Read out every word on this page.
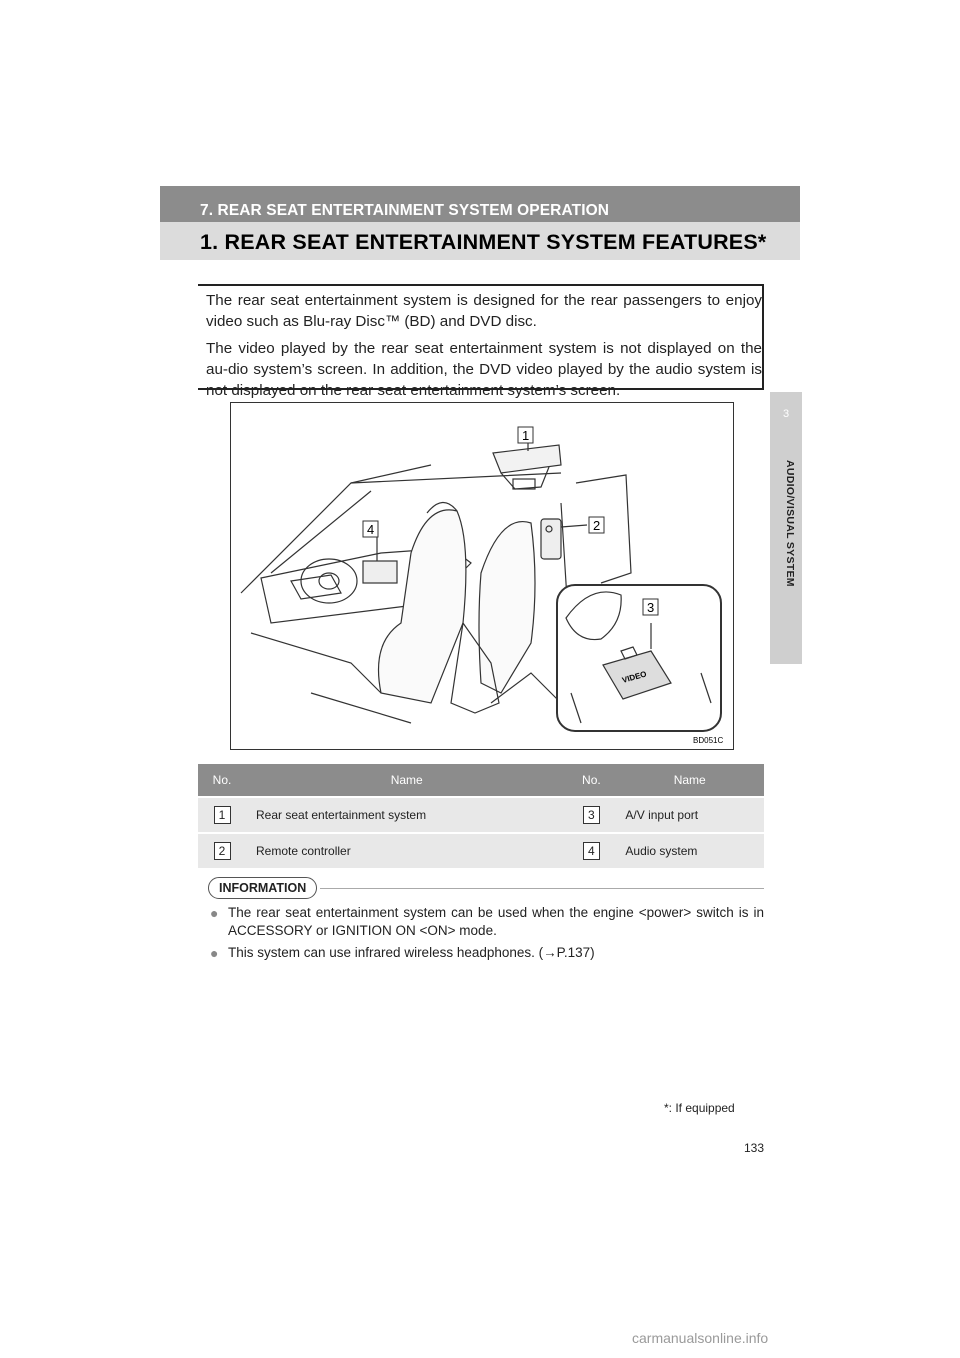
7. REAR SEAT ENTERTAINMENT SYSTEM OPERATION
1. REAR SEAT ENTERTAINMENT SYSTEM FEATURES*
3
AUDIO/VISUAL SYSTEM

The rear seat entertainment system is designed for the rear passengers to enjoy video such as Blu-ray Disc™ (BD) and DVD disc.

The video played by the rear seat entertainment system is not displayed on the au-dio system’s screen. In addition, the DVD video played by the audio system is not displayed on the rear seat entertainment system’s screen.

1
2
3
4
VIDEO
BD051C
No.	Name	No.	Name
1	Rear seat entertainment system	3	A/V input port
2	Remote controller	4	Audio system
INFORMATION
● The rear seat entertainment system can be used when the engine <power> switch is in ACCESSORY or IGNITION ON <ON> mode.
● This system can use infrared wireless headphones. (→P.137)
*: If equipped
133
carmanualsonline.info
